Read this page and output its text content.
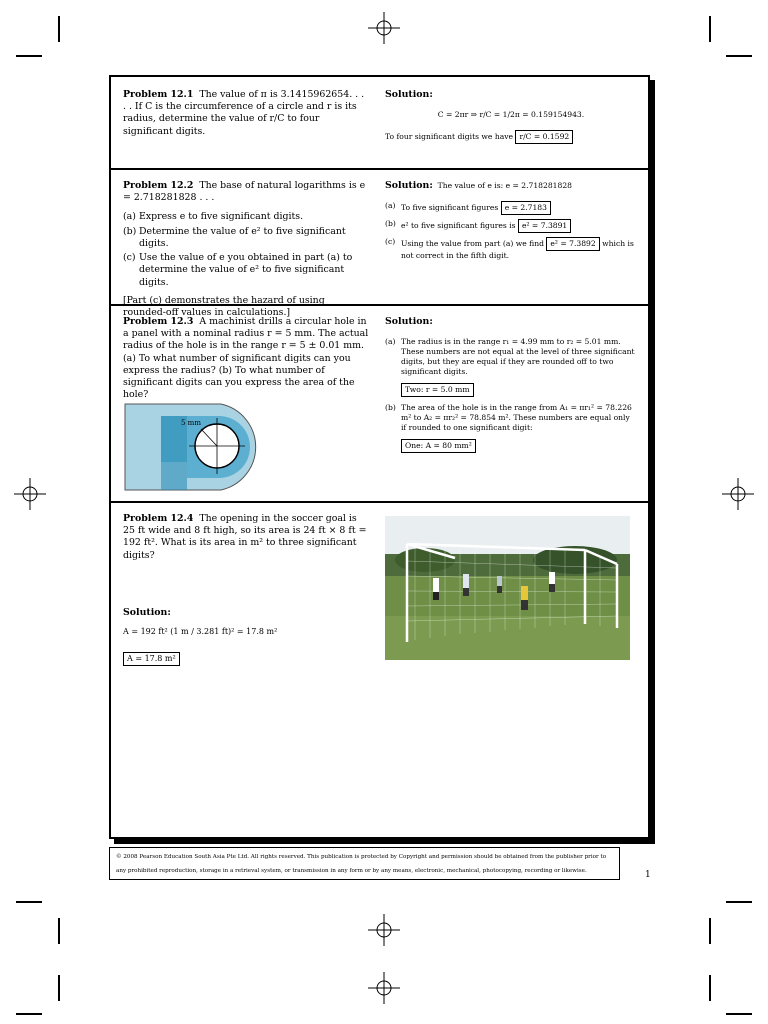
Problem 12.1 The value of π is 3.1415962654. . . . . If C is the circumference of a circle and r is its radius, determine the value of r/C to four significant digits.
Solution:
C = 2πr ⇒ r/C = 1/2π = 0.159154943.
To four significant digits we have r/C = 0.1592
Problem 12.2 The base of natural logarithms is e = 2.718281828 . . .
(a) Express e to five significant digits.
(b) Determine the value of e² to five significant digits.
(c) Use the value of e you obtained in part (a) to determine the value of e² to five significant digits.
[Part (c) demonstrates the hazard of using rounded-off values in calculations.]
Solution: The value of e is: e = 2.718281828
(a) To five significant figures e = 2.7183
(b) e² to five significant figures is e² = 7.3891
(c) Using the value from part (a) we find e² = 7.3892 which is not correct in the fifth digit.
Problem 12.3 A machinist drills a circular hole in a panel with a nominal radius r = 5 mm. The actual radius of the hole is in the range r = 5 ± 0.01 mm. (a) To what number of significant digits can you express the radius? (b) To what number of significant digits can you express the area of the hole?
5 mm
Solution:
(a) The radius is in the range r₁ = 4.99 mm to r₂ = 5.01 mm. These numbers are not equal at the level of three significant digits, but they are equal if they are rounded off to two significant digits.
Two: r = 5.0 mm
(b) The area of the hole is in the range from A₁ = πr₁² = 78.226 m² to A₂ = πr₂² = 78.854 m². These numbers are equal only if rounded to one significant digit:
One: A = 80 mm²
Problem 12.4 The opening in the soccer goal is 25 ft wide and 8 ft high, so its area is 24 ft × 8 ft = 192 ft². What is its area in m² to three significant digits?
Solution:
A = 192 ft² (1 m / 3.281 ft)² = 17.8 m²
A = 17.8 m²
© 2008 Pearson Education South Asia Pte Ltd. All rights reserved. This publication is protected by Copyright and permission should be obtained from the publisher prior to any prohibited reproduction, storage in a retrieval system, or transmission in any form or by any means, electronic, mechanical, photocopying, recording or likewise.	1
